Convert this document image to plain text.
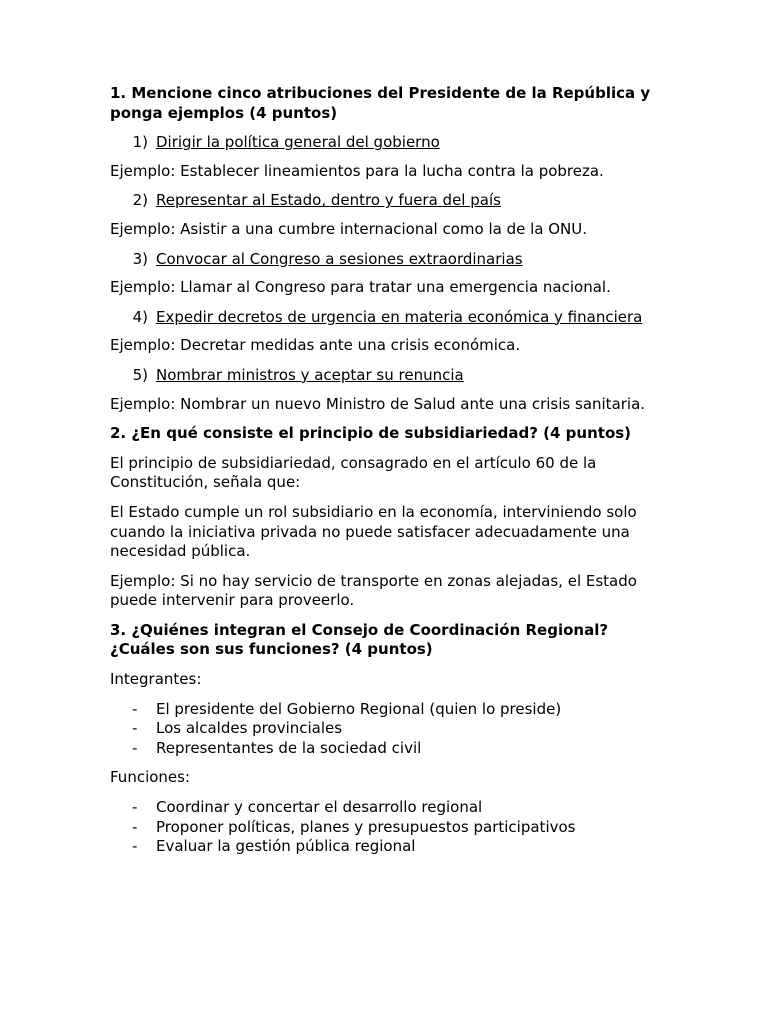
1. Mencione cinco atribuciones del Presidente de la República y ponga ejemplos (4 puntos)
1) Dirigir la política general del gobierno
Ejemplo: Establecer lineamientos para la lucha contra la pobreza.
2) Representar al Estado, dentro y fuera del país
Ejemplo: Asistir a una cumbre internacional como la de la ONU.
3) Convocar al Congreso a sesiones extraordinarias
Ejemplo: Llamar al Congreso para tratar una emergencia nacional.
4) Expedir decretos de urgencia en materia económica y financiera
Ejemplo: Decretar medidas ante una crisis económica.
5) Nombrar ministros y aceptar su renuncia
Ejemplo: Nombrar un nuevo Ministro de Salud ante una crisis sanitaria.
2. ¿En qué consiste el principio de subsidiariedad? (4 puntos)
El principio de subsidiariedad, consagrado en el artículo 60 de la Constitución, señala que:
El Estado cumple un rol subsidiario en la economía, interviniendo solo cuando la iniciativa privada no puede satisfacer adecuadamente una necesidad pública.
Ejemplo: Si no hay servicio de transporte en zonas alejadas, el Estado puede intervenir para proveerlo.
3. ¿Quiénes integran el Consejo de Coordinación Regional? ¿Cuáles son sus funciones? (4 puntos)
Integrantes:
-	El presidente del Gobierno Regional (quien lo preside)
-	Los alcaldes provinciales
-	Representantes de la sociedad civil
Funciones:
-	Coordinar y concertar el desarrollo regional
-	Proponer políticas, planes y presupuestos participativos
-	Evaluar la gestión pública regional
